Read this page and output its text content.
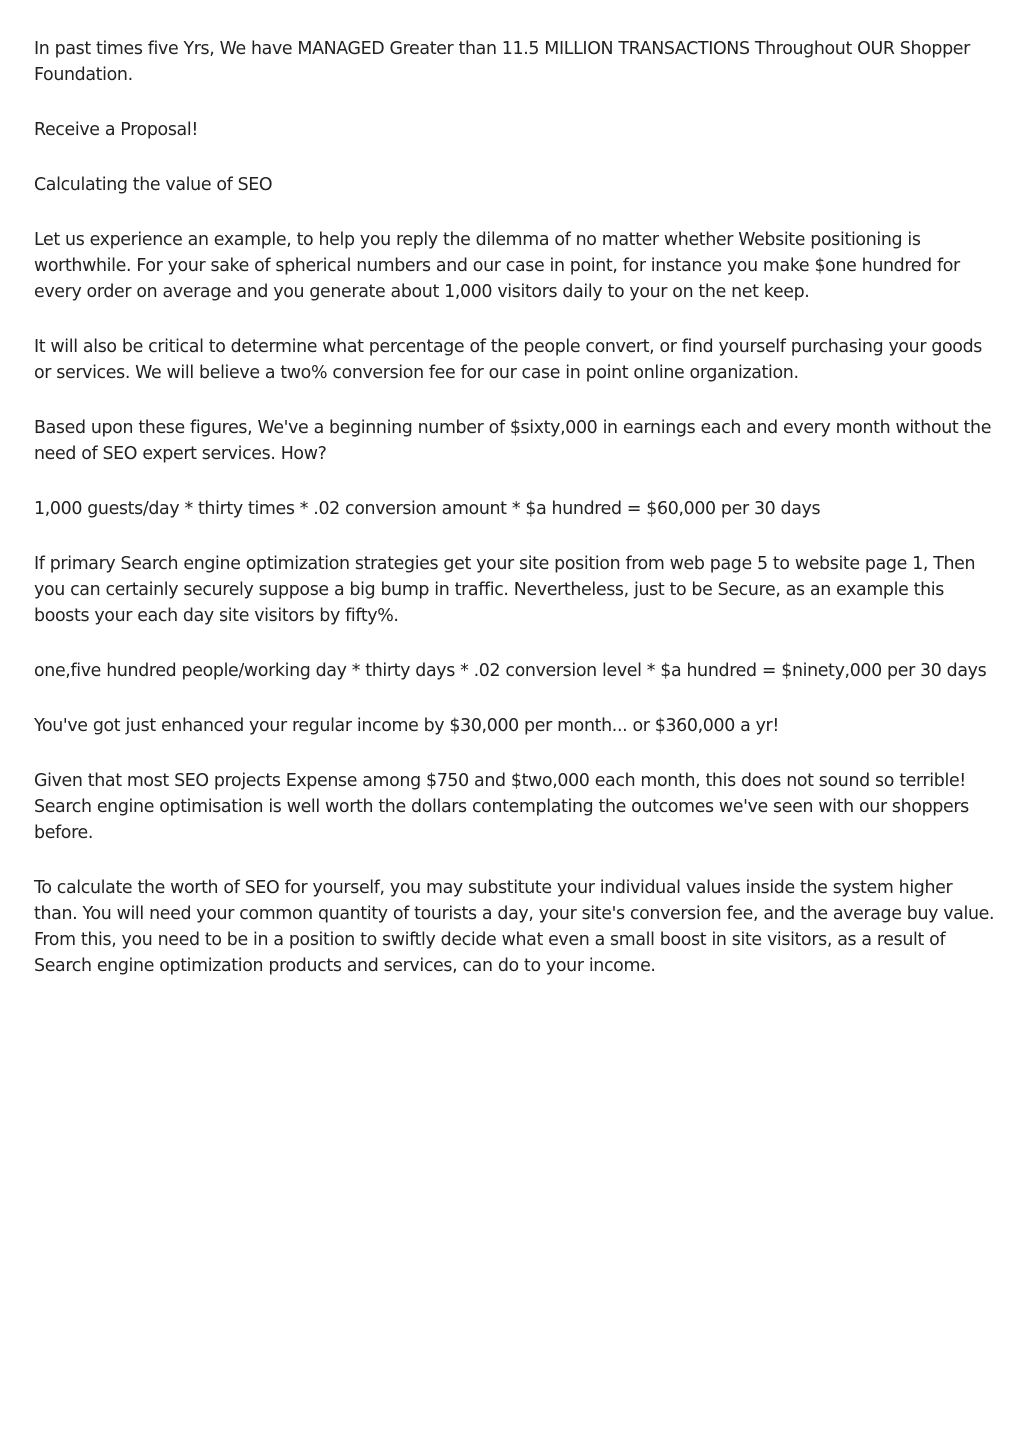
In past times five Yrs, We have MANAGED Greater than 11.5 MILLION TRANSACTIONS Throughout OUR Shopper Foundation.

Receive a Proposal!

Calculating the value of SEO

Let us experience an example, to help you reply the dilemma of no matter whether Website positioning is worthwhile. For your sake of spherical numbers and our case in point, for instance you make $one hundred for every order on average and you generate about 1,000 visitors daily to your on the net keep.

It will also be critical to determine what percentage of the people convert, or find yourself purchasing your goods or services. We will believe a two% conversion fee for our case in point online organization.

Based upon these figures, We've a beginning number of $sixty,000 in earnings each and every month without the need of SEO expert services. How?

1,000 guests/day * thirty times * .02 conversion amount * $a hundred = $60,000 per 30 days

If primary Search engine optimization strategies get your site position from web page 5 to website page 1, Then you can certainly securely suppose a big bump in traffic. Nevertheless, just to be Secure, as an example this boosts your each day site visitors by fifty%.

one,five hundred people/working day * thirty days * .02 conversion level * $a hundred = $ninety,000 per 30 days

You've got just enhanced your regular income by $30,000 per month... or $360,000 a yr!

Given that most SEO projects Expense among $750 and $two,000 each month, this does not sound so terrible! Search engine optimisation is well worth the dollars contemplating the outcomes we've seen with our shoppers before.

To calculate the worth of SEO for yourself, you may substitute your individual values inside the system higher than. You will need your common quantity of tourists a day, your site's conversion fee, and the average buy value. From this, you need to be in a position to swiftly decide what even a small boost in site visitors, as a result of Search engine optimization products and services, can do to your income.
